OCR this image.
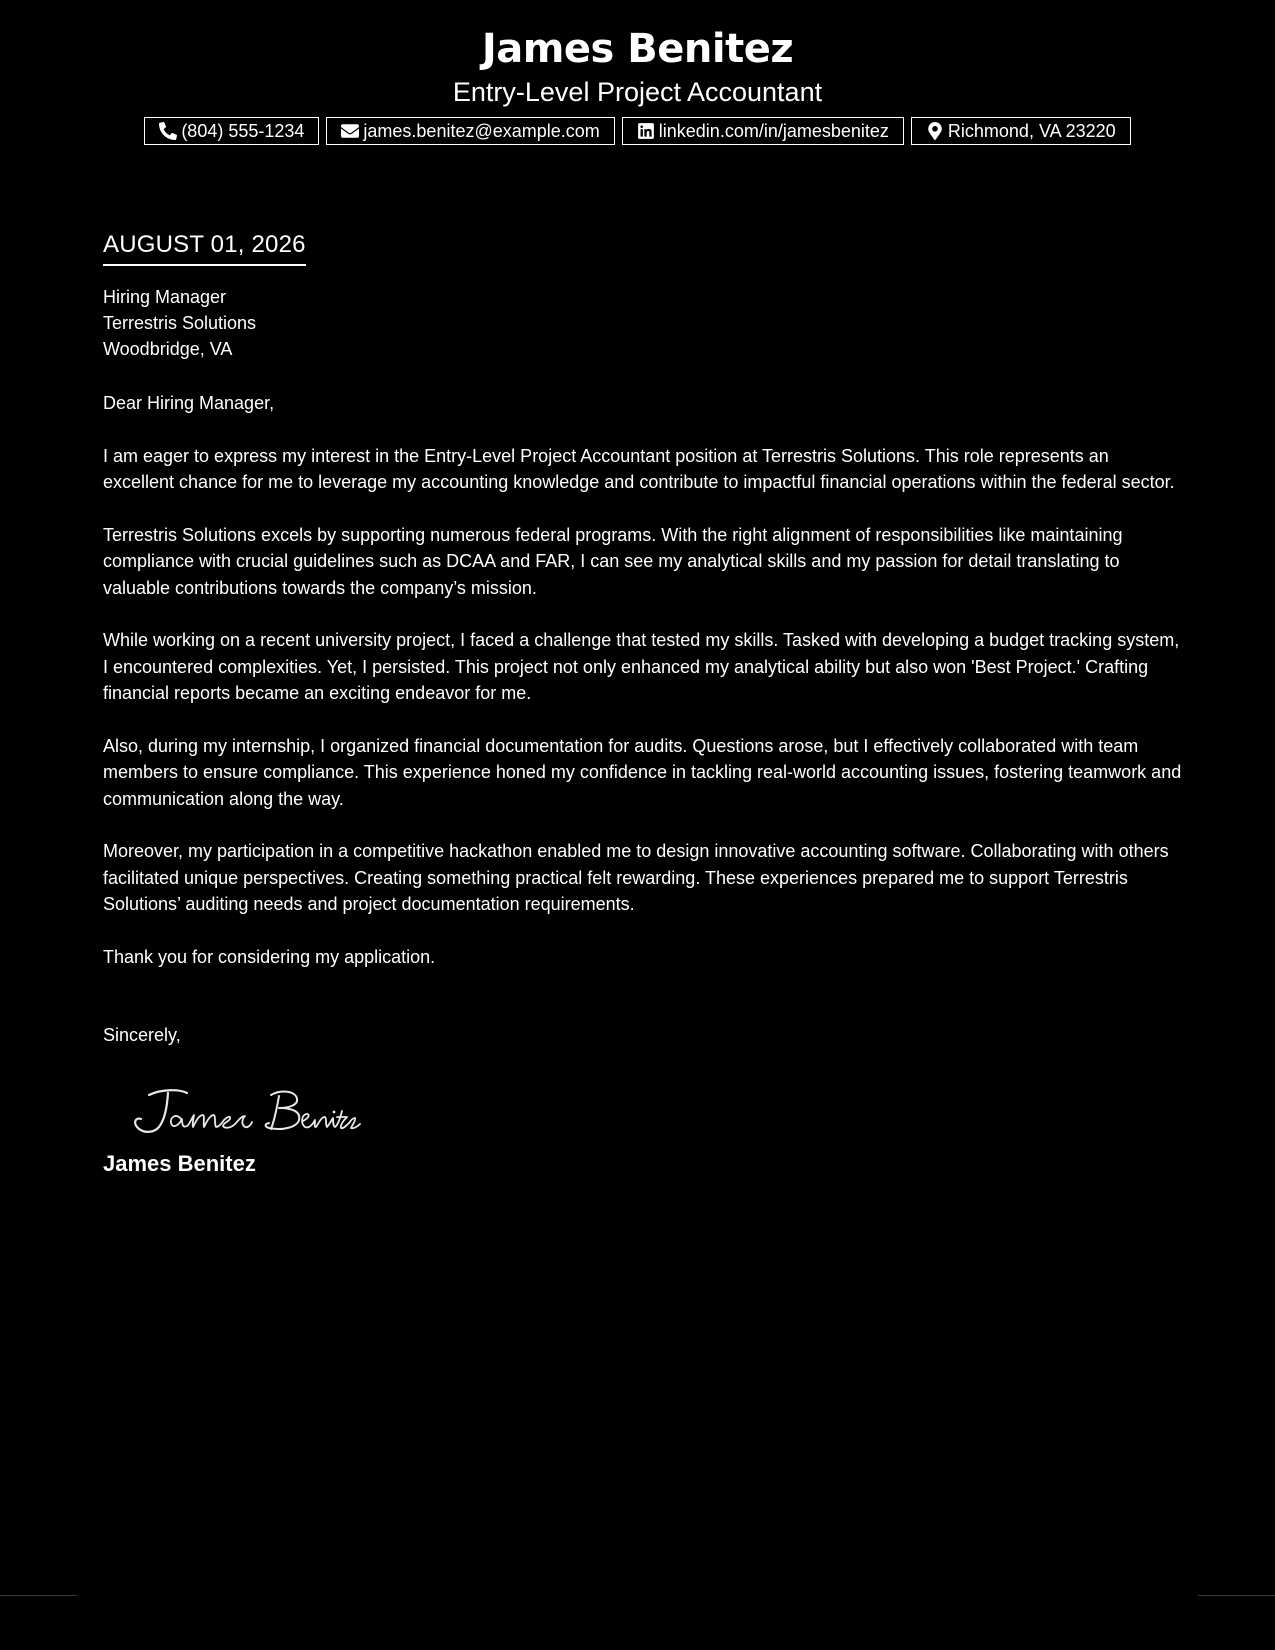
James Benitez
Entry-Level Project Accountant
(804) 555-1234	james.benitez@example.com	linkedin.com/in/jamesbenitez	Richmond, VA 23220
AUGUST 01, 2026
Hiring Manager
Terrestris Solutions
Woodbridge, VA
Dear Hiring Manager,
I am eager to express my interest in the Entry-Level Project Accountant position at Terrestris Solutions. This role represents an excellent chance for me to leverage my accounting knowledge and contribute to impactful financial operations within the federal sector.
Terrestris Solutions excels by supporting numerous federal programs. With the right alignment of responsibilities like maintaining compliance with crucial guidelines such as DCAA and FAR, I can see my analytical skills and my passion for detail translating to valuable contributions towards the company’s mission.
While working on a recent university project, I faced a challenge that tested my skills. Tasked with developing a budget tracking system, I encountered complexities. Yet, I persisted. This project not only enhanced my analytical ability but also won 'Best Project.' Crafting financial reports became an exciting endeavor for me.
Also, during my internship, I organized financial documentation for audits. Questions arose, but I effectively collaborated with team members to ensure compliance. This experience honed my confidence in tackling real-world accounting issues, fostering teamwork and communication along the way.
Moreover, my participation in a competitive hackathon enabled me to design innovative accounting software. Collaborating with others facilitated unique perspectives. Creating something practical felt rewarding. These experiences prepared me to support Terrestris Solutions’ auditing needs and project documentation requirements.
Thank you for considering my application.
Sincerely,
James Benitez
